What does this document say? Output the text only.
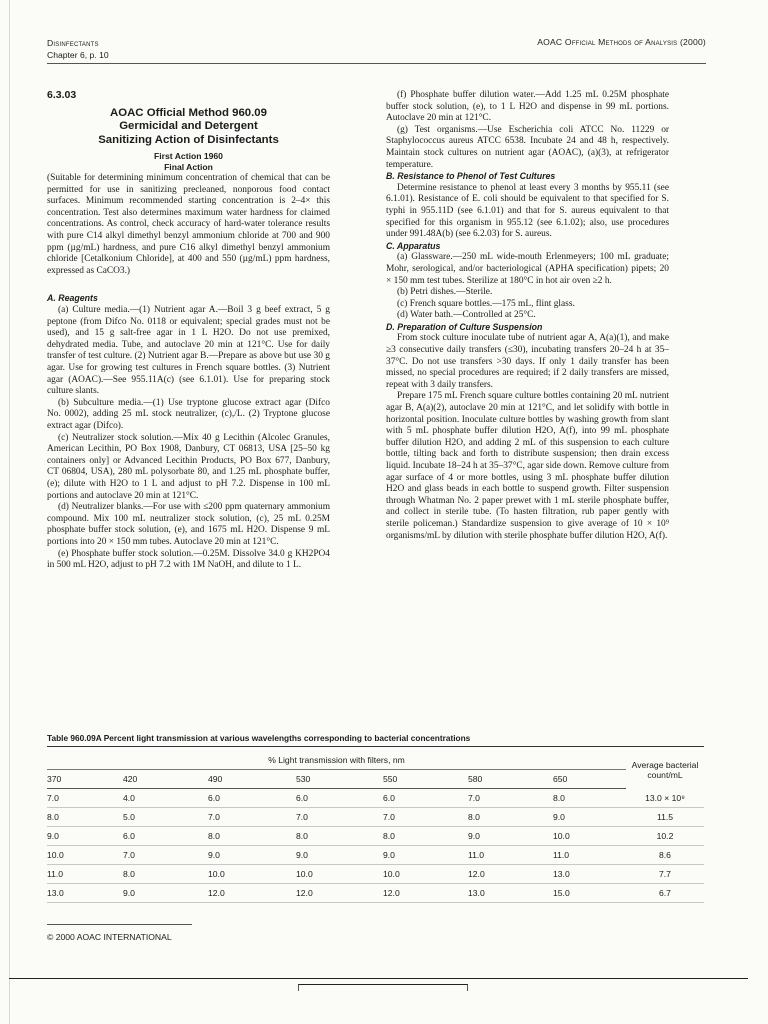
Disinfectants
Chapter 6, p. 10
AOAC Official Methods of Analysis (2000)
6.3.03
AOAC Official Method 960.09
Germicidal and Detergent
Sanitizing Action of Disinfectants
First Action 1960
Final Action

(Suitable for determining minimum concentration of chemical that can be permitted for use in sanitizing precleaned, nonporous food contact surfaces. Minimum recommended starting concentration is 2–4× this concentration. Test also determines maximum water hardness for claimed concentrations. As control, check accuracy of hard-water tolerance results with pure C14 alkyl dimethyl benzyl ammonium chloride at 700 and 900 ppm (µg/mL) hardness, and pure C16 alkyl dimethyl benzyl ammonium chloride [Cetalkonium Chloride], at 400 and 550 (µg/mL) ppm hardness, expressed as CaCO3.)

A. Reagents

(a) Culture media.—(1) Nutrient agar A.—Boil 3 g beef extract, 5 g peptone (from Difco No. 0118 or equivalent; special grades must not be used), and 15 g salt-free agar in 1 L H2O. Do not use premixed, dehydrated media. Tube, and autoclave 20 min at 121°C. Use for daily transfer of test culture. (2) Nutrient agar B.—Prepare as above but use 30 g agar. Use for growing test cultures in French square bottles. (3) Nutrient agar (AOAC).—See 955.11A(c) (see 6.1.01). Use for preparing stock culture slants.

(b) Subculture media.—(1) Use tryptone glucose extract agar (Difco No. 0002), adding 25 mL stock neutralizer, (c),/L. (2) Tryptone glucose extract agar (Difco).

(c) Neutralizer stock solution.—Mix 40 g Lecithin (Alcolec Granules, American Lecithin, PO Box 1908, Danbury, CT 06813, USA [25–50 kg containers only] or Advanced Lecithin Products, PO Box 677, Danbury, CT 06804, USA), 280 mL polysorbate 80, and 1.25 mL phosphate buffer, (e); dilute with H2O to 1 L and adjust to pH 7.2. Dispense in 100 mL portions and autoclave 20 min at 121°C.

(d) Neutralizer blanks.—For use with ≤200 ppm quaternary ammonium compound. Mix 100 mL neutralizer stock solution, (c), 25 mL 0.25M phosphate buffer stock solution, (e), and 1675 mL H2O. Dispense 9 mL portions into 20 × 150 mm tubes. Autoclave 20 min at 121°C.

(e) Phosphate buffer stock solution.—0.25M. Dissolve 34.0 g KH2PO4 in 500 mL H2O, adjust to pH 7.2 with 1M NaOH, and dilute to 1 L.

(f) Phosphate buffer dilution water.—Add 1.25 mL 0.25M phosphate buffer stock solution, (e), to 1 L H2O and dispense in 99 mL portions. Autoclave 20 min at 121°C.

(g) Test organisms.—Use Escherichia coli ATCC No. 11229 or Staphylococcus aureus ATCC 6538. Incubate 24 and 48 h, respectively. Maintain stock cultures on nutrient agar (AOAC), (a)(3), at refrigerator temperature.

B. Resistance to Phenol of Test Cultures

Determine resistance to phenol at least every 3 months by 955.11 (see 6.1.01). Resistance of E. coli should be equivalent to that specified for S. typhi in 955.11D (see 6.1.01) and that for S. aureus equivalent to that specified for this organism in 955.12 (see 6.1.02); also, use procedures under 991.48A(b) (see 6.2.03) for S. aureus.

C. Apparatus

(a) Glassware.—250 mL wide-mouth Erlenmeyers; 100 mL graduate; Mohr, serological, and/or bacteriological (APHA specification) pipets; 20 × 150 mm test tubes. Sterilize at 180°C in hot air oven ≥2 h.

(b) Petri dishes.—Sterile.

(c) French square bottles.—175 mL, flint glass.

(d) Water bath.—Controlled at 25°C.

D. Preparation of Culture Suspension

From stock culture inoculate tube of nutrient agar A, A(a)(1), and make ≥3 consecutive daily transfers (≤30), incubating transfers 20–24 h at 35–37°C. Do not use transfers >30 days. If only 1 daily transfer has been missed, no special procedures are required; if 2 daily transfers are missed, repeat with 3 daily transfers.

Prepare 175 mL French square culture bottles containing 20 mL nutrient agar B, A(a)(2), autoclave 20 min at 121°C, and let solidify with bottle in horizontal position. Inoculate culture bottles by washing growth from slant with 5 mL phosphate buffer dilution H2O, A(f), into 99 mL phosphate buffer dilution H2O, and adding 2 mL of this suspension to each culture bottle, tilting back and forth to distribute suspension; then drain excess liquid. Incubate 18–24 h at 35–37°C, agar side down. Remove culture from agar surface of 4 or more bottles, using 3 mL phosphate buffer dilution H2O and glass beads in each bottle to suspend growth. Filter suspension through Whatman No. 2 paper prewet with 1 mL sterile phosphate buffer, and collect in sterile tube. (To hasten filtration, rub paper gently with sterile policeman.) Standardize suspension to give average of 10 × 10⁹ organisms/mL by dilution with sterile phosphate buffer dilution H2O, A(f).

Table 960.09A Percent light transmission at various wavelengths corresponding to bacterial concentrations
% Light transmission with filters, nm							Average bacterial
count/mL

370	420	490	530	550	580	650	
7.0	4.0	6.0	6.0	6.0	7.0	8.0	13.0 × 10⁹
8.0	5.0	7.0	7.0	7.0	8.0	9.0	11.5
9.0	6.0	8.0	8.0	8.0	9.0	10.0	10.2
10.0	7.0	9.0	9.0	9.0	11.0	11.0	8.6
11.0	8.0	10.0	10.0	10.0	12.0	13.0	7.7
13.0	9.0	12.0	12.0	12.0	13.0	15.0	6.7
© 2000 AOAC INTERNATIONAL
